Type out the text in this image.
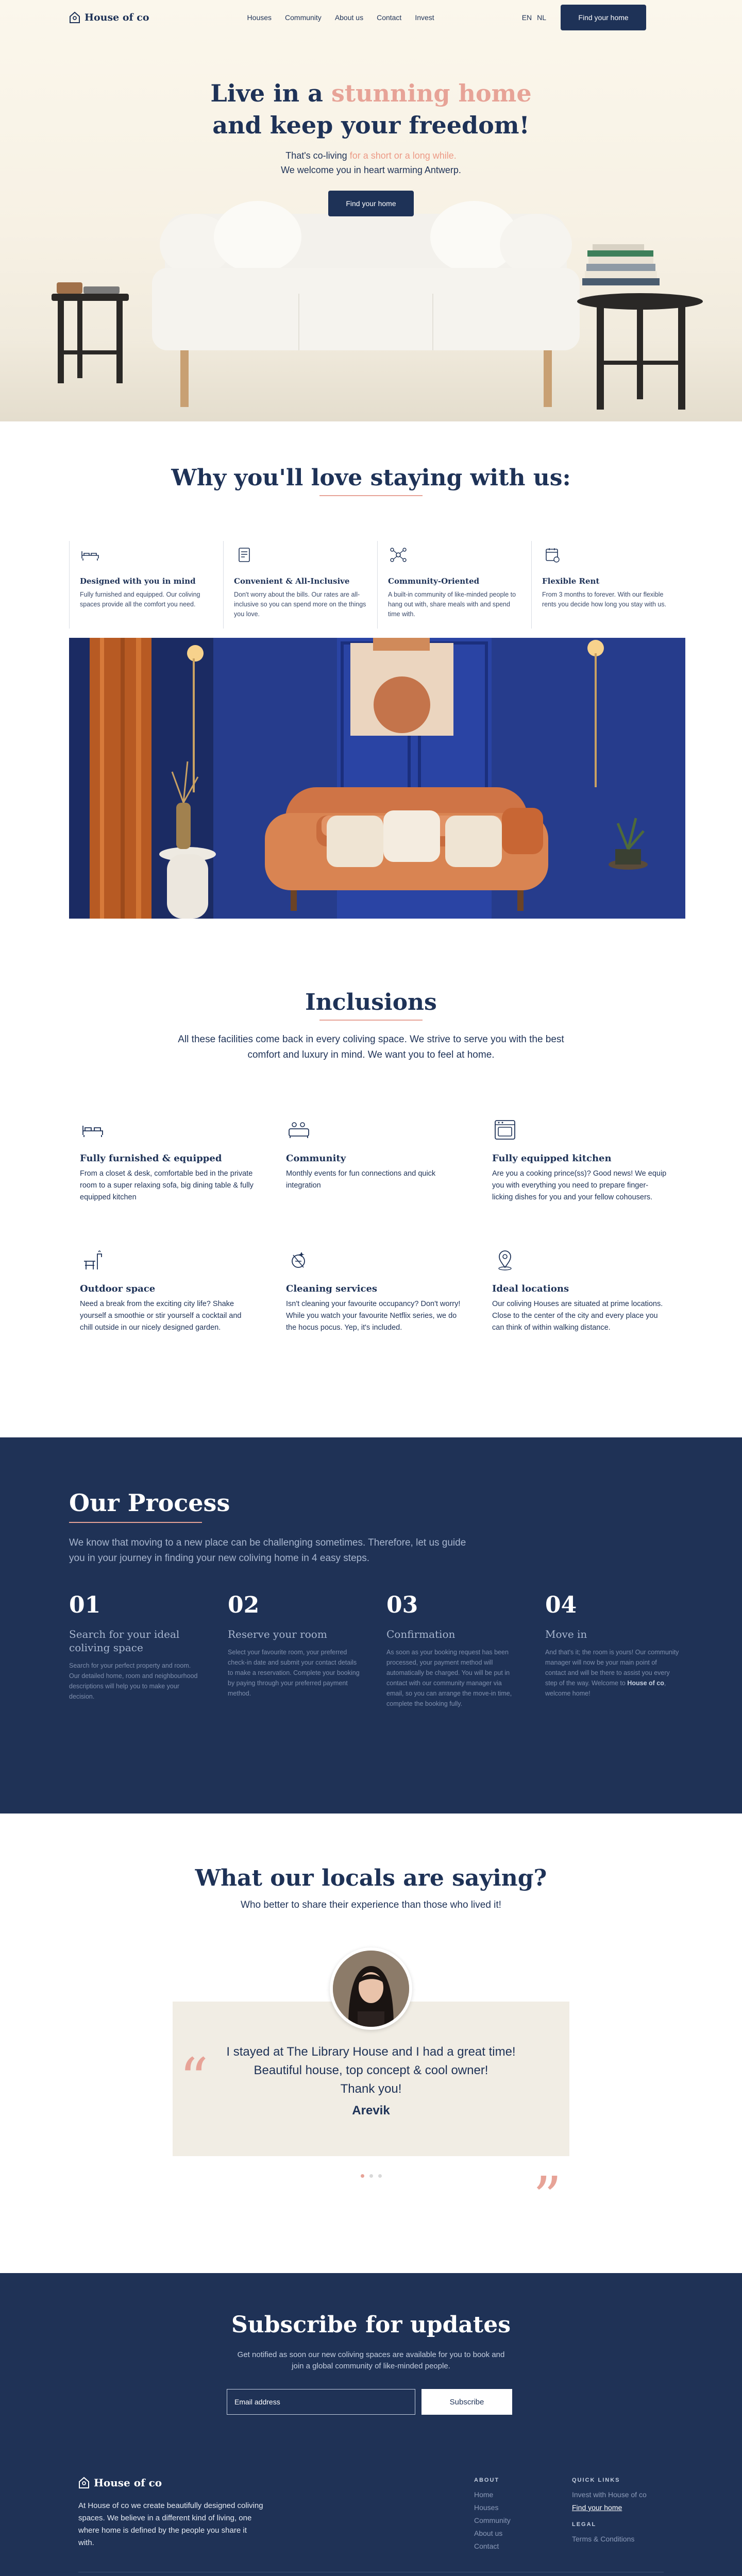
House of co	Houses Community About us Contact Invest	EN NL	Find your home
Live in a stunning home
and keep your freedom!
That's co-living for a short or a long while.
We welcome you in heart warming Antwerp.
Find your home
Why you'll love staying with us:
Designed with you in mind

Fully furnished and equipped. Our coliving spaces provide all the comfort you need.

Convenient & All-Inclusive

Don't worry about the bills. Our rates are all-inclusive so you can spend more on the things you love.

Community-Oriented

A built-in community of like-minded people to hang out with, share meals with and spend time with.

Flexible Rent

From 3 months to forever. With our flexible rents you decide how long you stay with us.

Inclusions

All these facilities come back in every coliving space. We strive to serve you with the best comfort and luxury in mind. We want you to feel at home.

Fully furnished & equipped

From a closet & desk, comfortable bed in the private room to a super relaxing sofa, big dining table & fully equipped kitchen

Community

Monthly events for fun connections and quick integration

Fully equipped kitchen

Are you a cooking prince(ss)? Good news! We equip you with everything you need to prepare finger-licking dishes for you and your fellow cohousers.

Outdoor space

Need a break from the exciting city life? Shake yourself a smoothie or stir yourself a cocktail and chill outside in our nicely designed garden.

Cleaning services

Isn't cleaning your favourite occupancy? Don't worry! While you watch your favourite Netflix series, we do the hocus pocus. Yep, it's included.

Ideal locations

Our coliving Houses are situated at prime locations. Close to the center of the city and every place you can think of within walking distance.

Our Process

We know that moving to a new place can be challenging sometimes. Therefore, let us guide you in your journey in finding your new coliving home in 4 easy steps.

01
Search for your ideal coliving space

Search for your perfect property and room. Our detailed home, room and neighbourhood descriptions will help you to make your decision.

02
Reserve your room

Select your favourite room, your preferred check-in date and submit your contact details to make a reservation. Complete your booking by paying through your preferred payment method.

03
Confirmation

As soon as your booking request has been processed, your payment method will automatically be charged. You will be put in contact with our community manager via email, so you can arrange the move-in time, complete the booking fully.

04
Move in

And that's it; the room is yours! Our community manager will now be your main point of contact and will be there to assist you every step of the way. Welcome to House of co, welcome home!

What our locals are saying?

Who better to share their experience than those who lived it!

I stayed at The Library House and I had a great time!
Beautiful house, top concept & cool owner!
Thank you!
Arevik
“
”
Subscribe for updates

Get notified as soon our new coliving spaces are available for you to book and join a global community of like-minded people.

Email address
Subscribe
House of co

At House of co we create beautifully designed coliving spaces. We believe in a different kind of living, one where home is defined by the people you share it with.

ABOUT
Home
Houses
Community
About us
Contact
QUICK LINKS
Invest with House of co
Find your home
LEGAL
Terms & Conditions
